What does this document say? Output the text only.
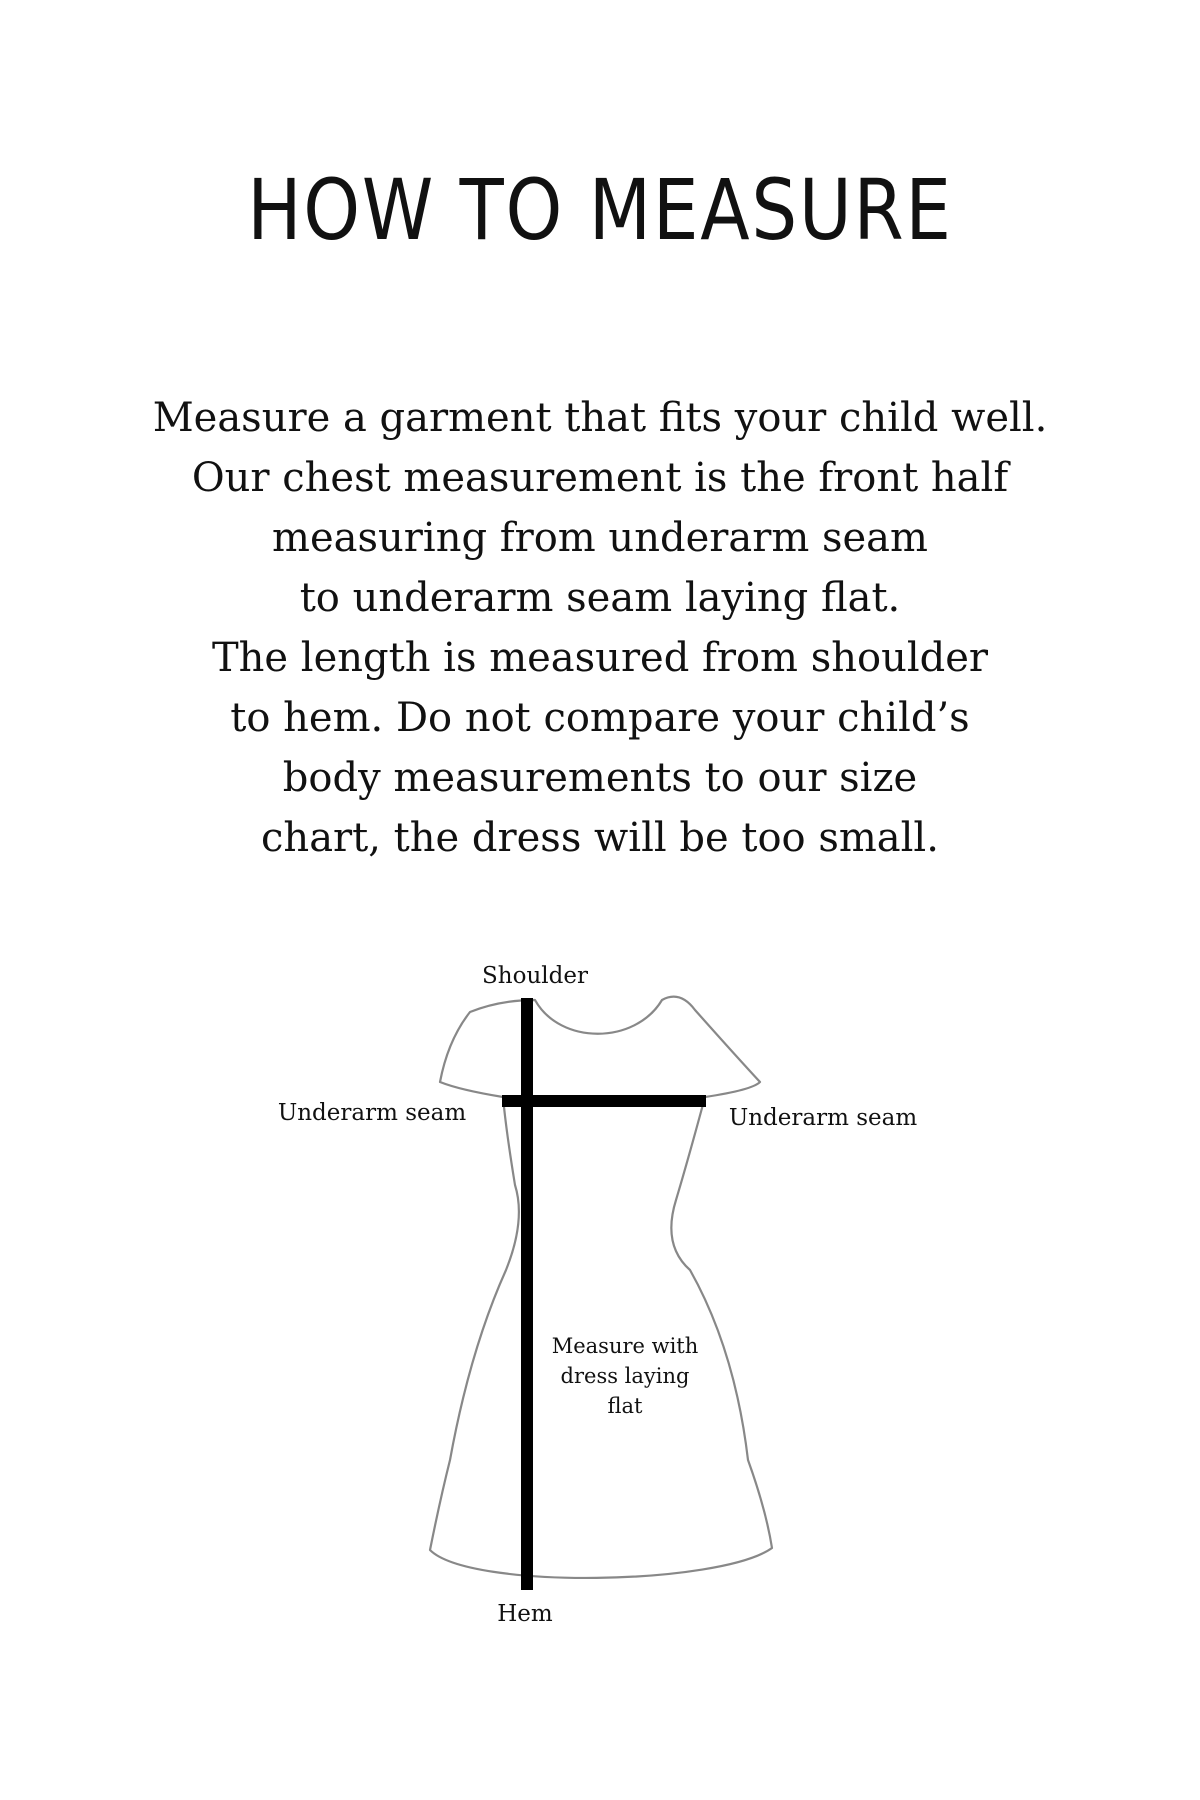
HOW TO MEASURE
Measure a garment that fits your child well.
Our chest measurement is the front half
measuring from underarm seam
to underarm seam laying flat.
The length is measured from shoulder
to hem. Do not compare your child’s
body measurements to our size
chart, the dress will be too small.
Shoulder
Underarm seam	Underarm seam
Measure with
dress laying
flat
Hem
